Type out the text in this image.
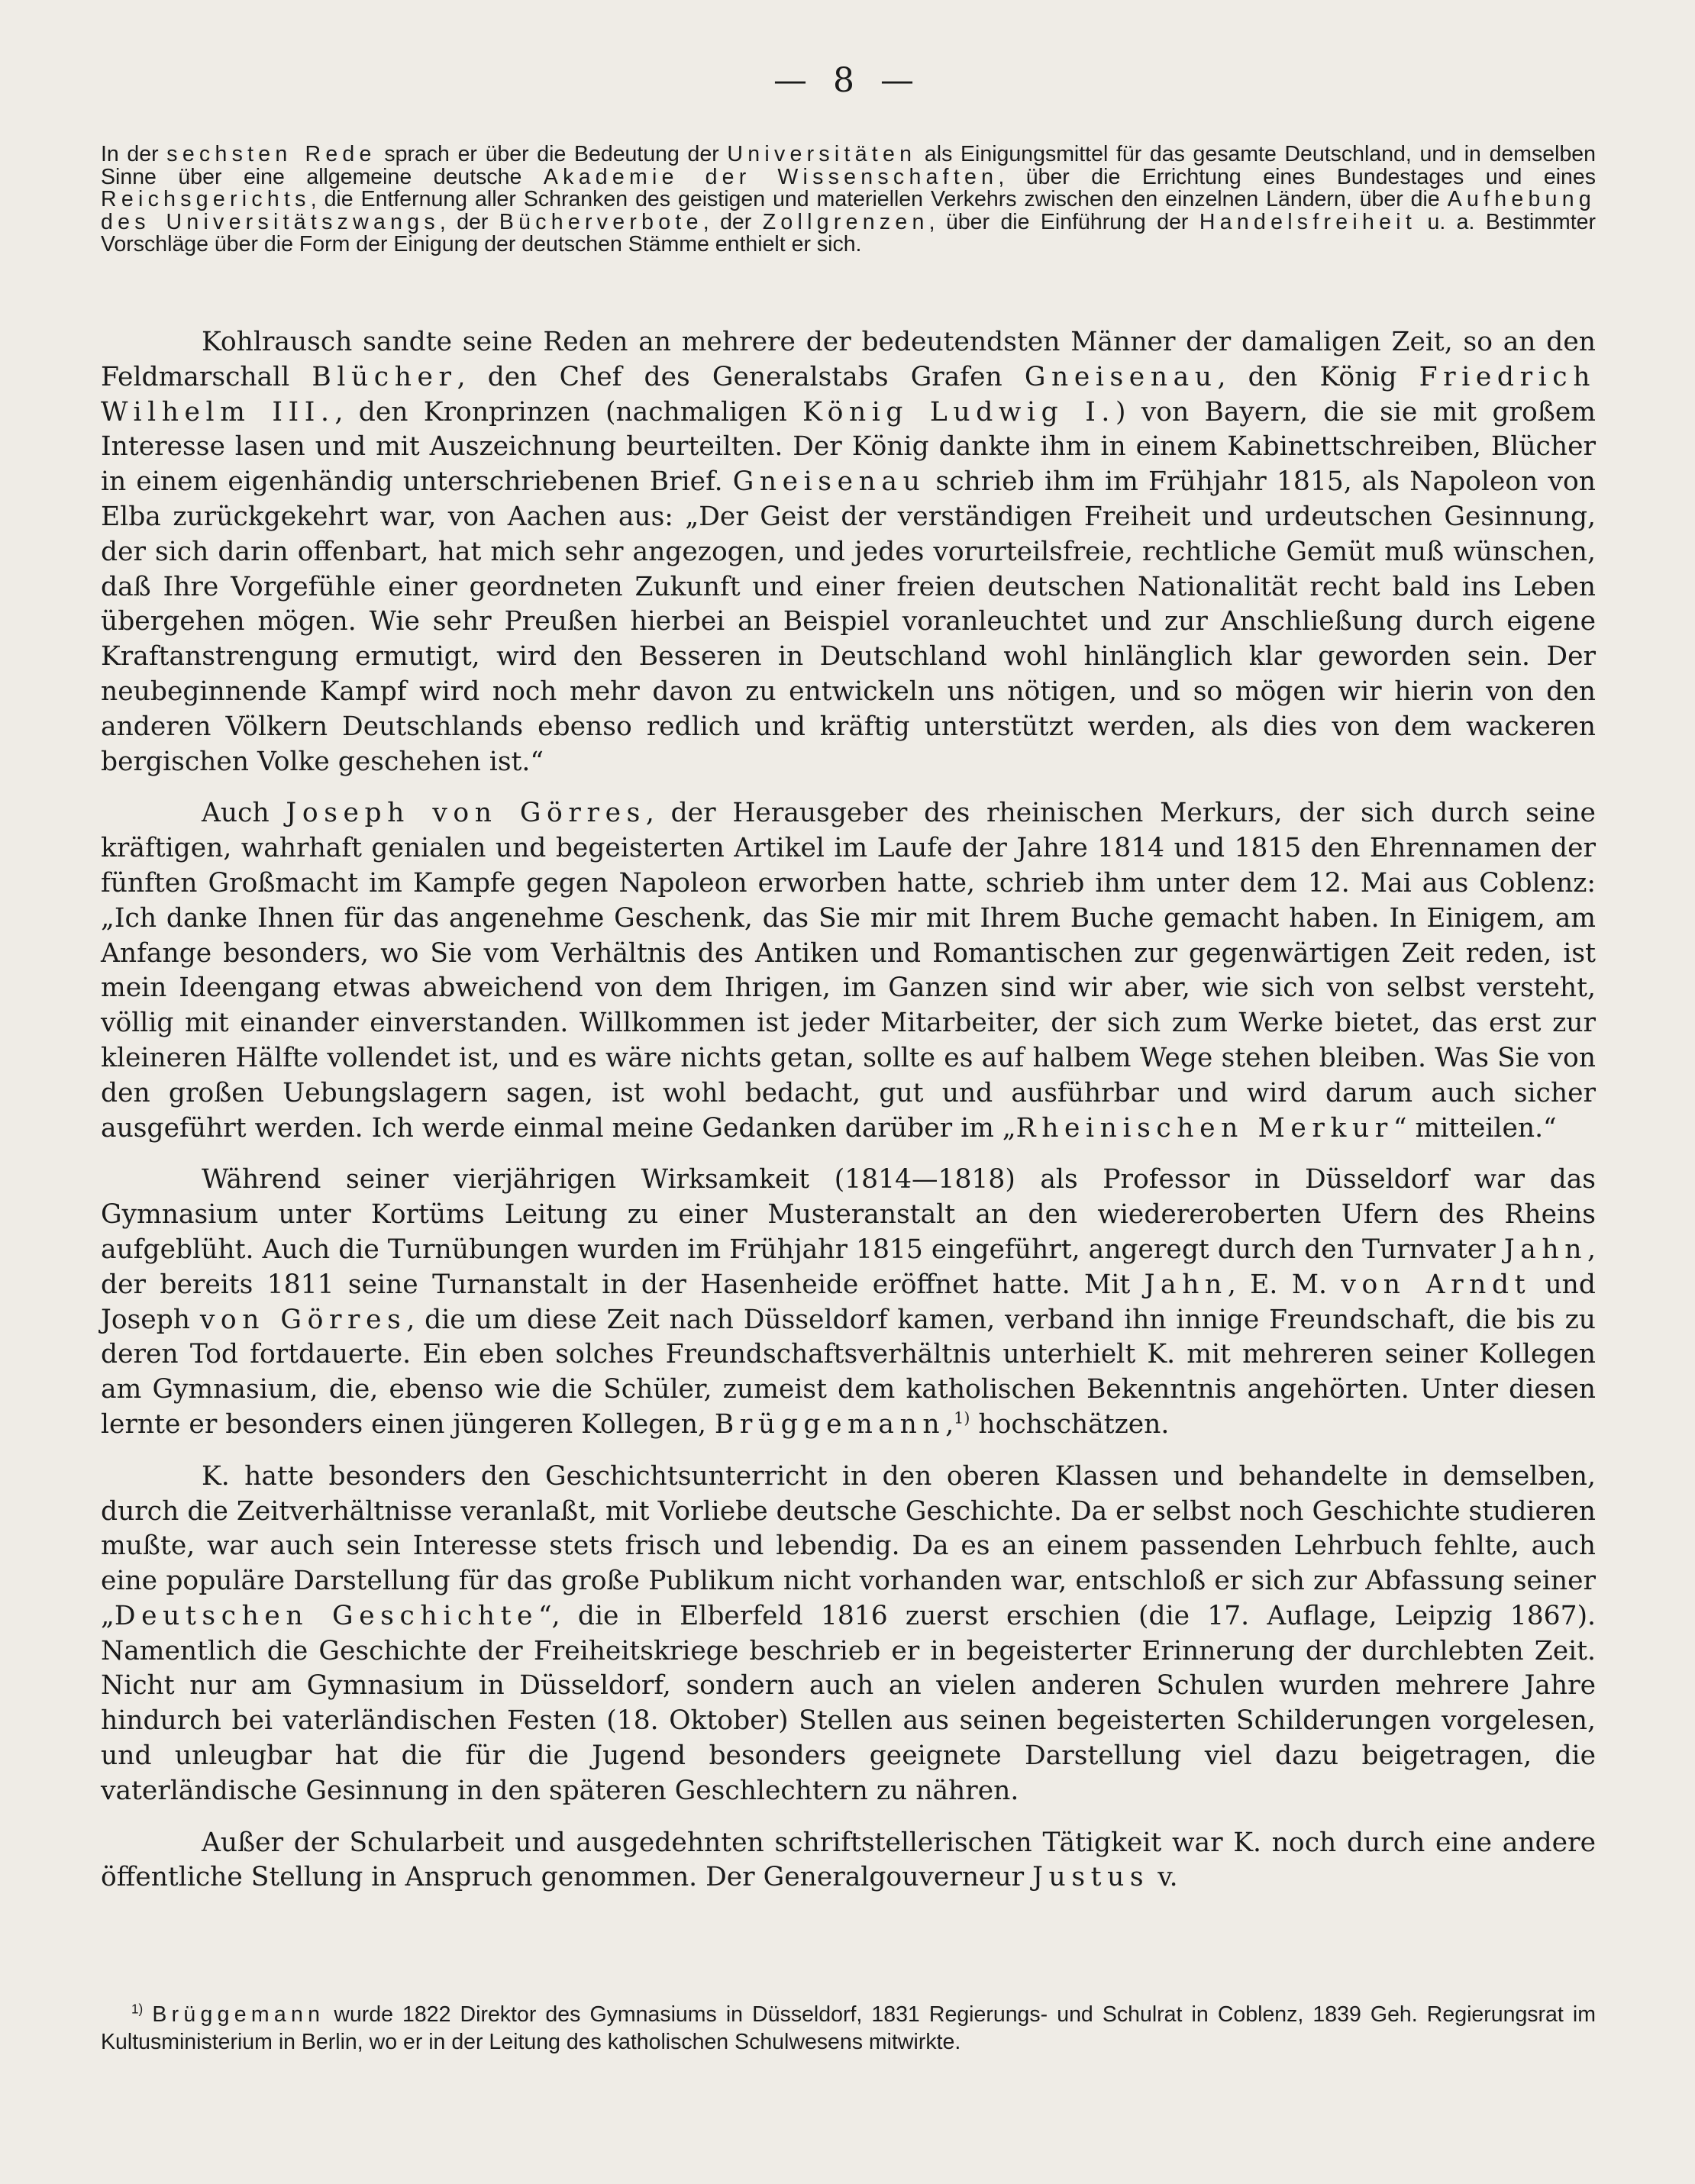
— 8 —
In der sechsten Rede sprach er über die Bedeutung der Universitäten als Einigungsmittel für das gesamte Deutschland, und in demselben Sinne über eine allgemeine deutsche Akademie der Wissenschaften, über die Errichtung eines Bundestages und eines Reichsgerichts, die Entfernung aller Schranken des geistigen und materiellen Verkehrs zwischen den einzelnen Ländern, über die Aufhebung des Universitätszwangs, der Bücherverbote, der Zollgrenzen, über die Einführung der Handelsfreiheit u. a. Bestimmter Vorschläge über die Form der Einigung der deutschen Stämme enthielt er sich.

Kohlrausch sandte seine Reden an mehrere der bedeutendsten Männer der damaligen Zeit, so an den Feldmarschall Blücher, den Chef des Generalstabs Grafen Gneisenau, den König Friedrich Wilhelm III., den Kronprinzen (nachmaligen König Ludwig I.) von Bayern, die sie mit großem Interesse lasen und mit Auszeichnung beurteilten. Der König dankte ihm in einem Kabinettschreiben, Blücher in einem eigenhändig unterschriebenen Brief. Gneisenau schrieb ihm im Frühjahr 1815, als Napoleon von Elba zurückgekehrt war, von Aachen aus: „Der Geist der verständigen Freiheit und urdeutschen Gesinnung, der sich darin offenbart, hat mich sehr angezogen, und jedes vorurteilsfreie, rechtliche Gemüt muß wünschen, daß Ihre Vorgefühle einer geordneten Zukunft und einer freien deutschen Nationalität recht bald ins Leben übergehen mögen. Wie sehr Preußen hierbei an Beispiel voranleuchtet und zur Anschließung durch eigene Kraftanstrengung ermutigt, wird den Besseren in Deutschland wohl hinlänglich klar geworden sein. Der neubeginnende Kampf wird noch mehr davon zu entwickeln uns nötigen, und so mögen wir hierin von den anderen Völkern Deutschlands ebenso redlich und kräftig unterstützt werden, als dies von dem wackeren bergischen Volke geschehen ist.“

Auch Joseph von Görres, der Herausgeber des rheinischen Merkurs, der sich durch seine kräftigen, wahrhaft genialen und begeisterten Artikel im Laufe der Jahre 1814 und 1815 den Ehrennamen der fünften Großmacht im Kampfe gegen Napoleon erworben hatte, schrieb ihm unter dem 12. Mai aus Coblenz: „Ich danke Ihnen für das angenehme Geschenk, das Sie mir mit Ihrem Buche gemacht haben. In Einigem, am Anfange besonders, wo Sie vom Verhältnis des Antiken und Romantischen zur gegenwärtigen Zeit reden, ist mein Ideengang etwas abweichend von dem Ihrigen, im Ganzen sind wir aber, wie sich von selbst versteht, völlig mit einander einverstanden. Willkommen ist jeder Mitarbeiter, der sich zum Werke bietet, das erst zur kleineren Hälfte vollendet ist, und es wäre nichts getan, sollte es auf halbem Wege stehen bleiben. Was Sie von den großen Uebungslagern sagen, ist wohl bedacht, gut und ausführbar und wird darum auch sicher ausgeführt werden. Ich werde einmal meine Gedanken darüber im „Rheinischen Merkur“ mitteilen.“

Während seiner vierjährigen Wirksamkeit (1814—1818) als Professor in Düsseldorf war das Gymnasium unter Kortüms Leitung zu einer Musteranstalt an den wiedereroberten Ufern des Rheins aufgeblüht. Auch die Turnübungen wurden im Frühjahr 1815 eingeführt, angeregt durch den Turnvater Jahn, der bereits 1811 seine Turnanstalt in der Hasenheide eröffnet hatte. Mit Jahn, E. M. von Arndt und Joseph von Görres, die um diese Zeit nach Düsseldorf kamen, verband ihn innige Freundschaft, die bis zu deren Tod fortdauerte. Ein eben solches Freundschaftsverhältnis unterhielt K. mit mehreren seiner Kollegen am Gymnasium, die, ebenso wie die Schüler, zumeist dem katholischen Bekenntnis angehörten. Unter diesen lernte er besonders einen jüngeren Kollegen, Brüggemann,$^{1)}$ hochschätzen.

K. hatte besonders den Geschichtsunterricht in den oberen Klassen und behandelte in demselben, durch die Zeitverhältnisse veranlaßt, mit Vorliebe deutsche Geschichte. Da er selbst noch Geschichte studieren mußte, war auch sein Interesse stets frisch und lebendig. Da es an einem passenden Lehrbuch fehlte, auch eine populäre Darstellung für das große Publikum nicht vorhanden war, entschloß er sich zur Abfassung seiner „Deutschen Geschichte“, die in Elberfeld 1816 zuerst erschien (die 17. Auflage, Leipzig 1867). Namentlich die Geschichte der Freiheitskriege beschrieb er in begeisterter Erinnerung der durchlebten Zeit. Nicht nur am Gymnasium in Düsseldorf, sondern auch an vielen anderen Schulen wurden mehrere Jahre hindurch bei vaterländischen Festen (18. Oktober) Stellen aus seinen begeisterten Schilderungen vorgelesen, und unleugbar hat die für die Jugend besonders geeignete Darstellung viel dazu beigetragen, die vaterländische Gesinnung in den späteren Geschlechtern zu nähren.

Außer der Schularbeit und ausgedehnten schriftstellerischen Tätigkeit war K. noch durch eine andere öffentliche Stellung in Anspruch genommen. Der Generalgouverneur Justus v.

$^{1)}$ Brüggemann wurde 1822 Direktor des Gymnasiums in Düsseldorf, 1831 Regierungs- und Schulrat in Coblenz, 1839 Geh. Regierungsrat im Kultusministerium in Berlin, wo er in der Leitung des katholischen Schulwesens mitwirkte.
